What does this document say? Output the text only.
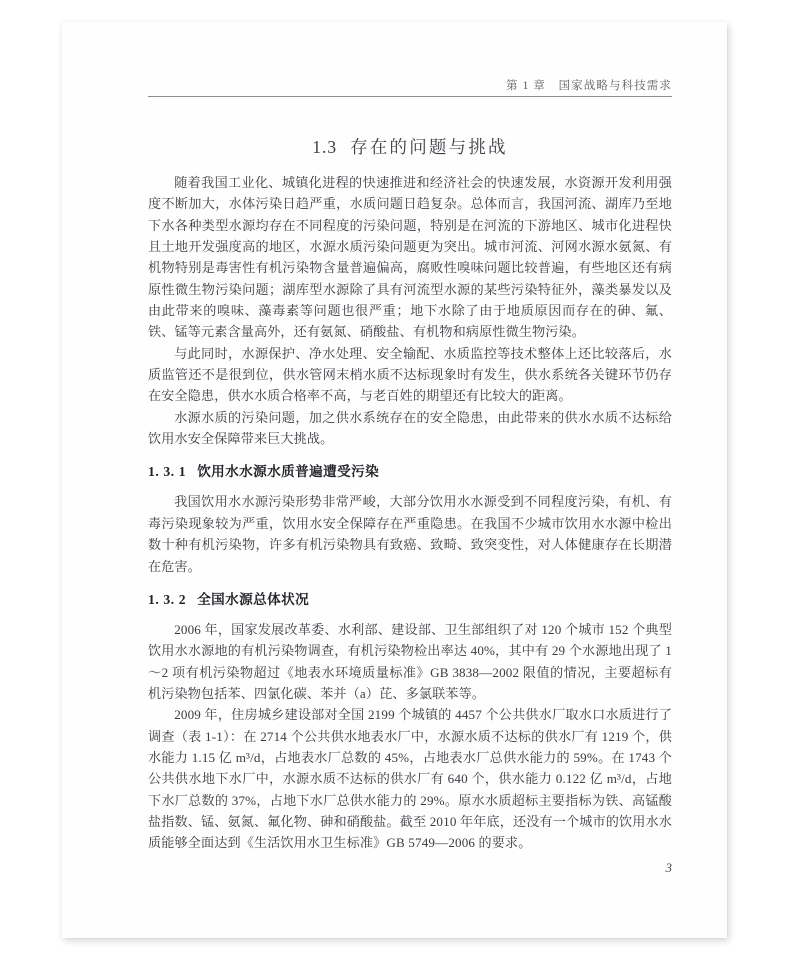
第 1 章　国家战略与科技需求
1.3 存在的问题与挑战

随着我国工业化、城镇化进程的快速推进和经济社会的快速发展，水资源开发利用强度不断加大，水体污染日趋严重，水质问题日趋复杂。总体而言，我国河流、湖库乃至地下水各种类型水源均存在不同程度的污染问题，特别是在河流的下游地区、城市化进程快且土地开发强度高的地区，水源水质污染问题更为突出。城市河流、河网水源水氨氮、有机物特别是毒害性有机污染物含量普遍偏高，腐败性嗅味问题比较普遍，有些地区还有病原性微生物污染问题；湖库型水源除了具有河流型水源的某些污染特征外，藻类暴发以及由此带来的嗅味、藻毒素等问题也很严重；地下水除了由于地质原因而存在的砷、氟、铁、锰等元素含量高外，还有氨氮、硝酸盐、有机物和病原性微生物污染。

与此同时，水源保护、净水处理、安全输配、水质监控等技术整体上还比较落后，水质监管还不是很到位，供水管网末梢水质不达标现象时有发生，供水系统各关键环节仍存在安全隐患，供水水质合格率不高，与老百姓的期望还有比较大的距离。

水源水质的污染问题，加之供水系统存在的安全隐患，由此带来的供水水质不达标给饮用水安全保障带来巨大挑战。

1. 3. 1 饮用水水源水质普遍遭受污染

我国饮用水水源污染形势非常严峻，大部分饮用水水源受到不同程度污染，有机、有毒污染现象较为严重，饮用水安全保障存在严重隐患。在我国不少城市饮用水水源中检出数十种有机污染物，许多有机污染物具有致癌、致畸、致突变性，对人体健康存在长期潜在危害。

1. 3. 2 全国水源总体状况

2006 年，国家发展改革委、水利部、建设部、卫生部组织了对 120 个城市 152 个典型饮用水水源地的有机污染物调查，有机污染物检出率达 40%，其中有 29 个水源地出现了 1～2 项有机污染物超过《地表水环境质量标准》GB 3838—2002 限值的情况，主要超标有机污染物包括苯、四氯化碳、苯并（a）芘、多氯联苯等。

2009 年，住房城乡建设部对全国 2199 个城镇的 4457 个公共供水厂取水口水质进行了调查（表 1-1）：在 2714 个公共供水地表水厂中，水源水质不达标的供水厂有 1219 个，供水能力 1.15 亿 m³/d，占地表水厂总数的 45%，占地表水厂总供水能力的 59%。在 1743 个公共供水地下水厂中，水源水质不达标的供水厂有 640 个，供水能力 0.122 亿 m³/d，占地下水厂总数的 37%，占地下水厂总供水能力的 29%。原水水质超标主要指标为铁、高锰酸盐指数、锰、氨氮、氟化物、砷和硝酸盐。截至 2010 年年底，还没有一个城市的饮用水水质能够全面达到《生活饮用水卫生标准》GB 5749—2006 的要求。

3
